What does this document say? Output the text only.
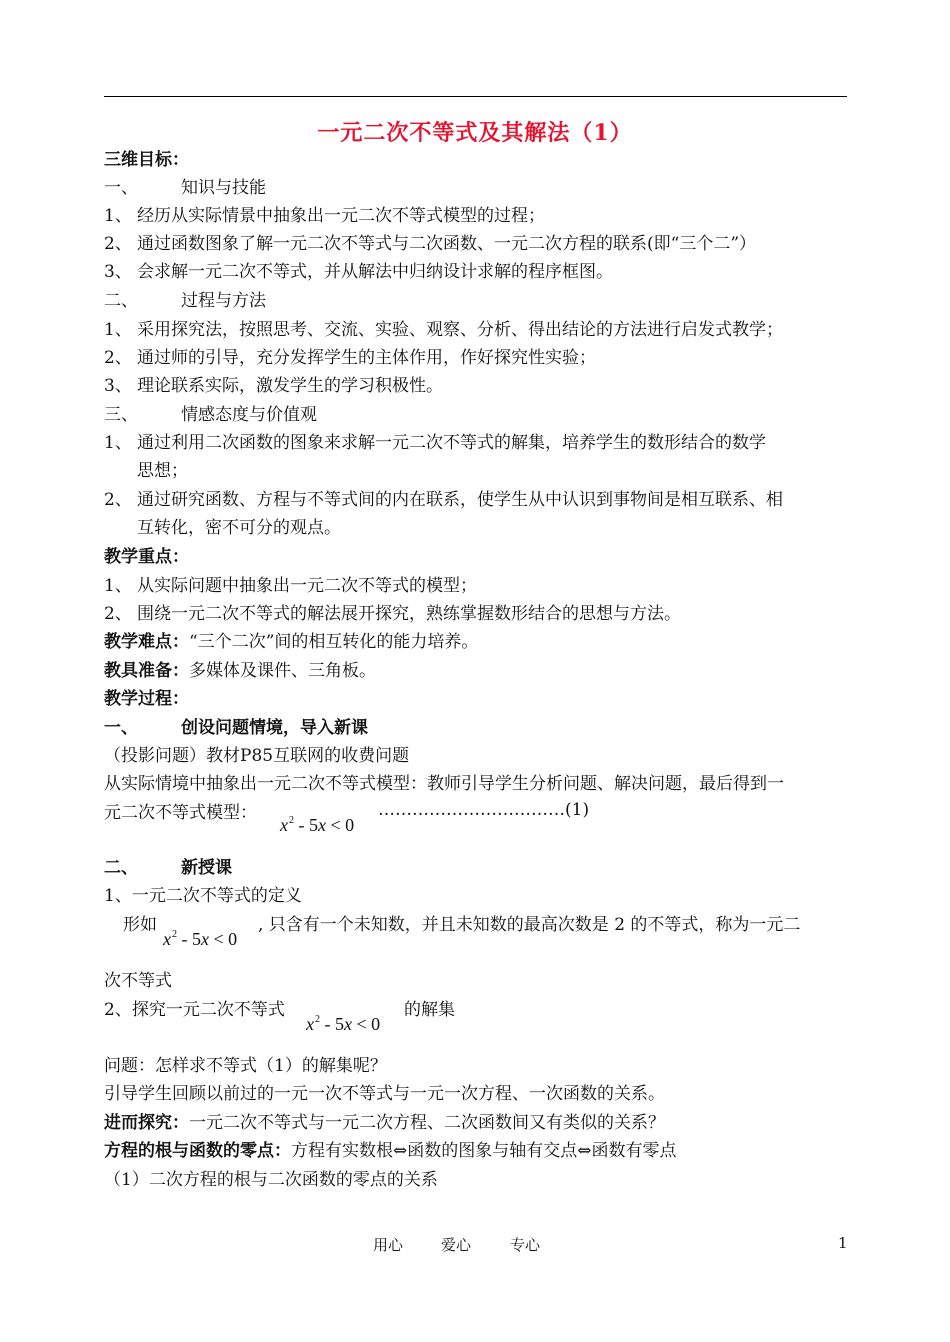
一元二次不等式及其解法（1）
三维目标：
一、	知识与技能
1、 经历从实际情景中抽象出一元二次不等式模型的过程；
2、 通过函数图象了解一元二次不等式与二次函数、一元二次方程的联系(即“三个二”）
3、 会求解一元二次不等式，并从解法中归纳设计求解的程序框图。
二、	过程与方法
1、 采用探究法，按照思考、交流、实验、观察、分析、得出结论的方法进行启发式教学；
2、 通过师的引导，充分发挥学生的主体作用，作好探究性实验；
3、 理论联系实际，激发学生的学习积极性。
三、	情感态度与价值观
1、 通过利用二次函数的图象来求解一元二次不等式的解集，培养学生的数形结合的数学
思想；
2、 通过研究函数、方程与不等式间的内在联系，使学生从中认识到事物间是相互联系、相
互转化，密不可分的观点。
教学重点：
1、 从实际问题中抽象出一元二次不等式的模型；
2、 围绕一元二次不等式的解法展开探究，熟练掌握数形结合的思想与方法。
教学难点：“三个二次”间的相互转化的能力培养。
教具准备：多媒体及课件、三角板。
教学过程：
一、	创设问题情境，导入新课
（投影问题）教材P85互联网的收费问题
从实际情境中抽象出一元二次不等式模型：教师引导学生分析问题、解决问题，最后得到一
元二次不等式模型：
$x^2 - 5x < 0$
……………………………(1)
二、	新授课
1、一元二次不等式的定义
形如
$x^2 - 5x < 0$
, 只含有一个未知数，并且未知数的最高次数是 2 的不等式，称为一元二
次不等式
2、探究一元二次不等式
$x^2 - 5x < 0$
的解集
问题：怎样求不等式（1）的解集呢？
引导学生回顾以前过的一元一次不等式与一元一次方程、一次函数的关系。
进而探究：一元二次不等式与一元二次方程、二次函数间又有类似的关系？
方程的根与函数的零点：方程有实数根⇔函数的图象与轴有交点⇔函数有零点
（1）二次方程的根与二次函数的零点的关系
用心	爱心	专心	1
